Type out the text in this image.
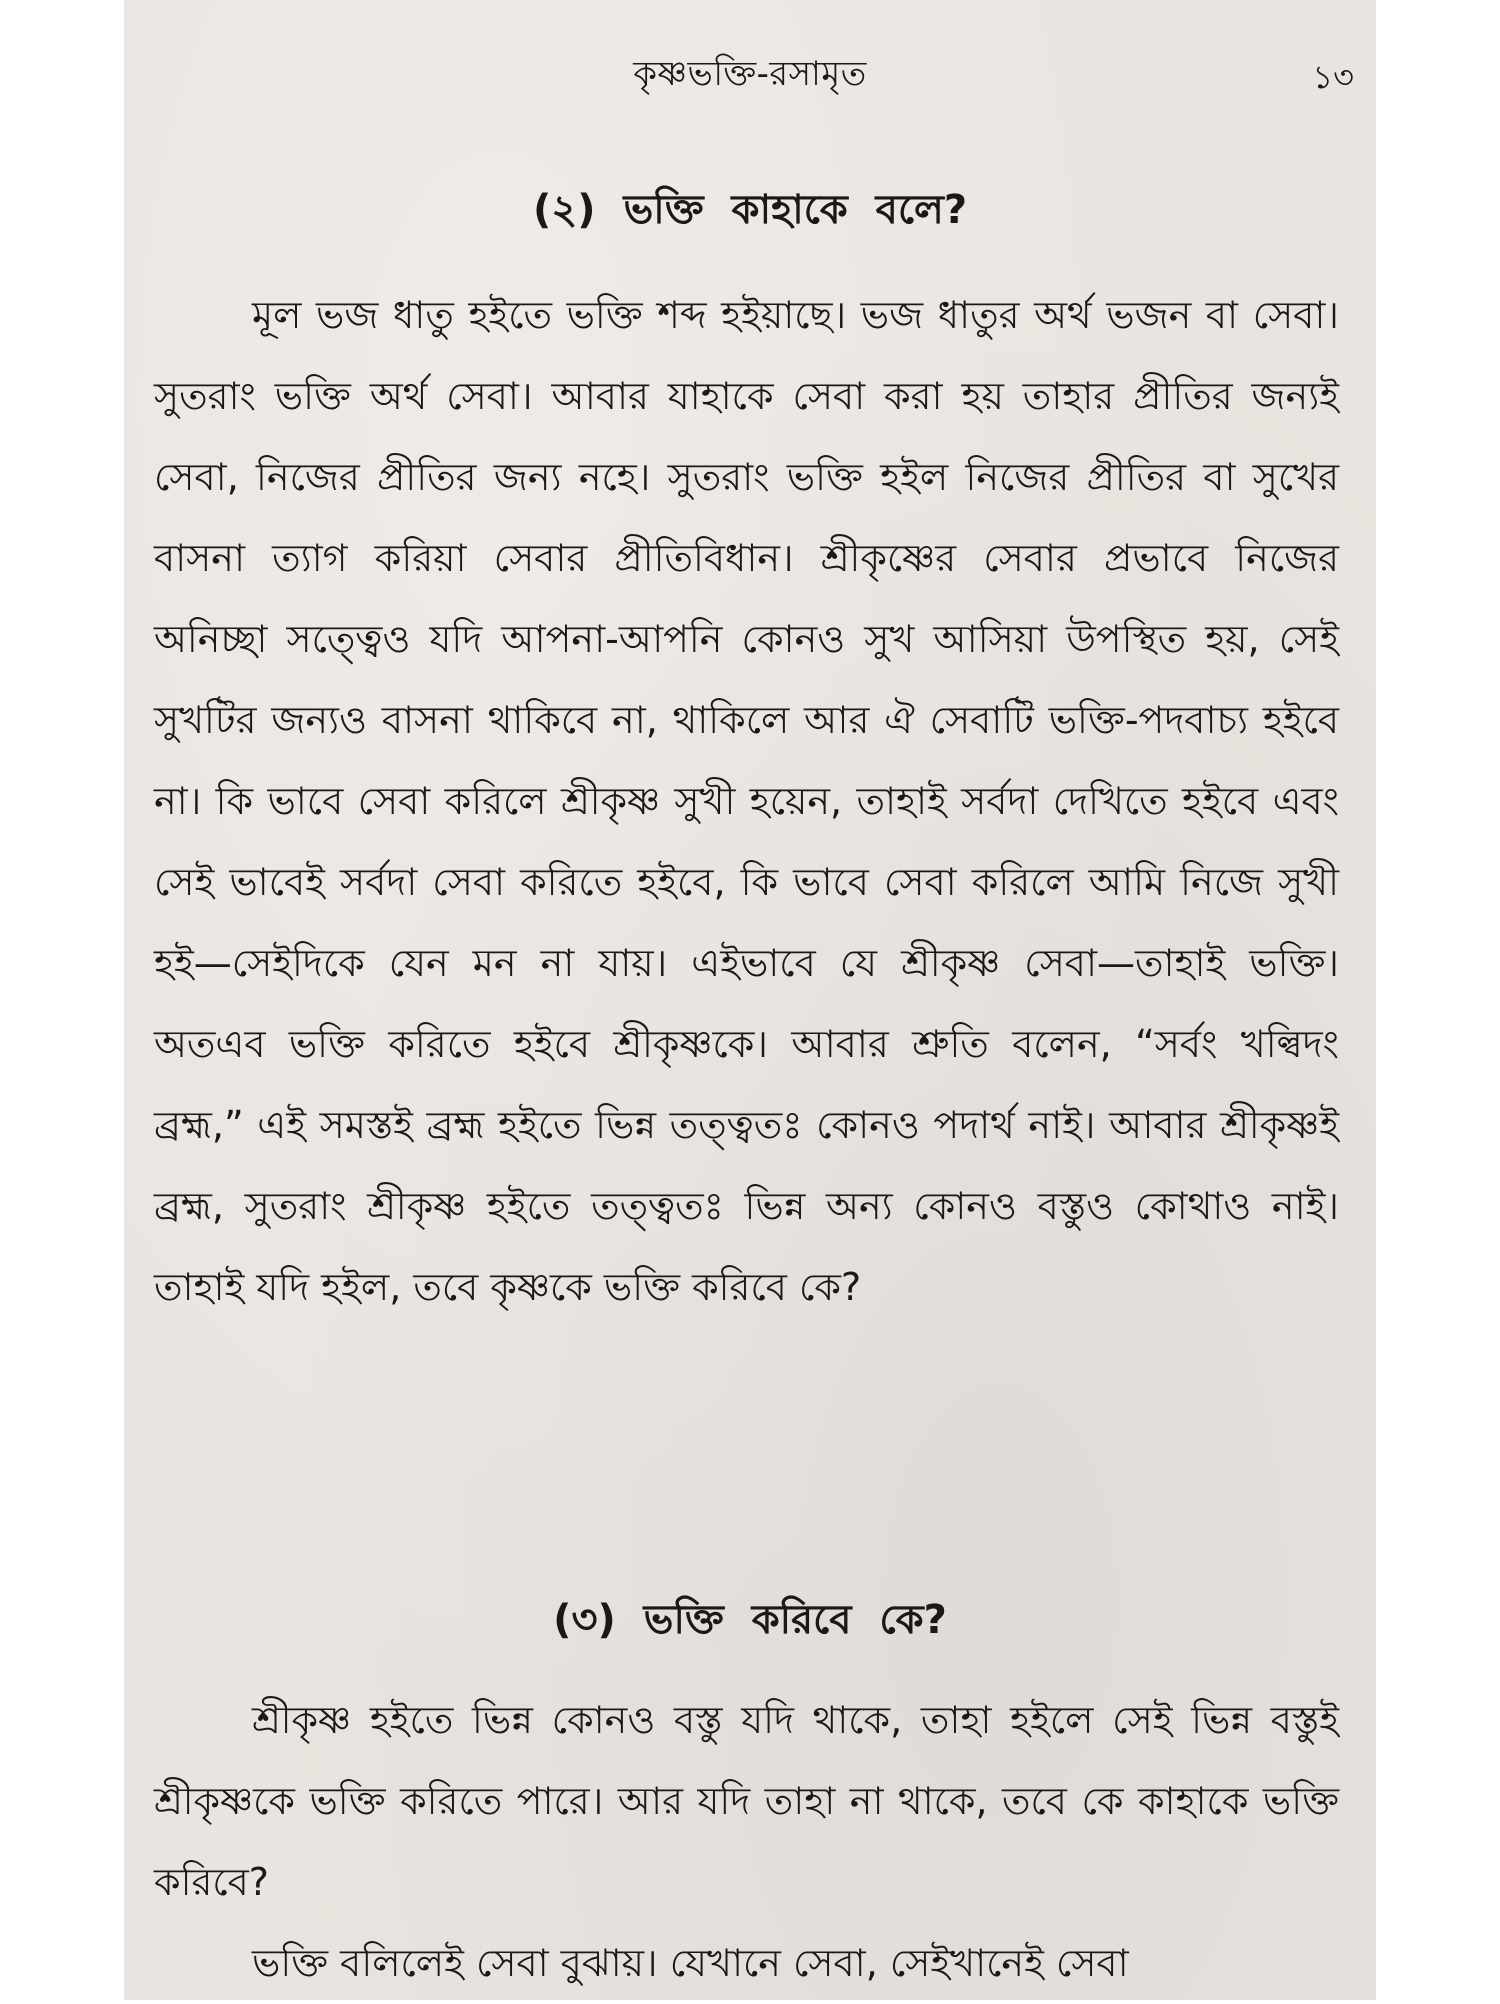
কৃষ্ণভক্তি-রসামৃত	১৩
(২) ভক্তি কাহাকে বলে?

মূল ভজ ধাতু হইতে ভক্তি শব্দ হইয়াছে। ভজ ধাতুর অর্থ ভজন বা সেবা। সুতরাং ভক্তি অর্থ সেবা। আবার যাহাকে সেবা করা হয় তাহার প্রীতির জন্যই সেবা, নিজের প্রীতির জন্য নহে। সুতরাং ভক্তি হইল নিজের প্রীতির বা সুখের বাসনা ত্যাগ করিয়া সেবার প্রীতিবিধান। শ্রীকৃষ্ণের সেবার প্রভাবে নিজের অনিচ্ছা সত্ত্বেও যদি আপনা-আপনি কোনও সুখ আসিয়া উপস্থিত হয়, সেই সুখটির জন্যও বাসনা থাকিবে না, থাকিলে আর ঐ সেবাটি ভক্তি-পদবাচ্য হইবে না। কি ভাবে সেবা করিলে শ্রীকৃষ্ণ সুখী হয়েন, তাহাই সর্বদা দেখিতে হইবে এবং সেই ভাবেই সর্বদা সেবা করিতে হইবে, কি ভাবে সেবা করিলে আমি নিজে সুখী হই—সেইদিকে যেন মন না যায়। এইভাবে যে শ্রীকৃষ্ণ সেবা—তাহাই ভক্তি। অতএব ভক্তি করিতে হইবে শ্রীকৃষ্ণকে। আবার শ্রুতি বলেন, “সর্বং খল্বিদং ব্রহ্ম,” এই সমস্তই ব্রহ্ম হইতে ভিন্ন তত্ত্বতঃ কোনও পদার্থ নাই। আবার শ্রীকৃষ্ণই ব্রহ্ম, সুতরাং শ্রীকৃষ্ণ হইতে তত্ত্বতঃ ভিন্ন অন্য কোনও বস্তুও কোথাও নাই। তাহাই যদি হইল, তবে কৃষ্ণকে ভক্তি করিবে কে?

(৩) ভক্তি করিবে কে?

শ্রীকৃষ্ণ হইতে ভিন্ন কোনও বস্তু যদি থাকে, তাহা হইলে সেই ভিন্ন বস্তুই শ্রীকৃষ্ণকে ভক্তি করিতে পারে। আর যদি তাহা না থাকে, তবে কে কাহাকে ভক্তি করিবে?

ভক্তি বলিলেই সেবা বুঝায়। যেখানে সেবা, সেইখানেই সেবা
